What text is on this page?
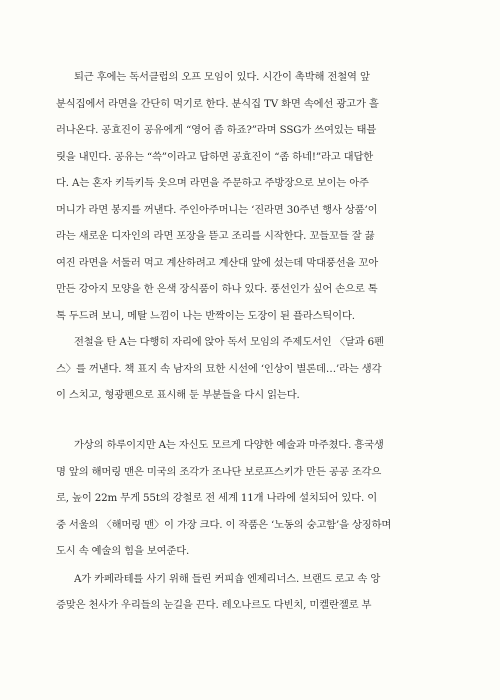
퇴근 후에는 독서클럽의 오프 모임이 있다. 시간이 촉박해 전철역 앞
분식집에서 라면을 간단히 먹기로 한다. 분식집 TV 화면 속에선 광고가 흘
러나온다. 공효진이 공유에게 “영어 좀 하죠?”라며 SSG가 쓰여있는 태블
릿을 내민다. 공유는 “쓱”이라고 답하면 공효진이 “좀 하네!”라고 대답한
다. A는 혼자 키득키득 웃으며 라면을 주문하고 주방장으로 보이는 아주
머니가 라면 봉지를 꺼낸다. 주인아주머니는 ‘진라면 30주년 행사 상품’이
라는 새로운 디자인의 라면 포장을 뜯고 조리를 시작한다. 꼬들꼬들 잘 끓
여진 라면을 서둘러 먹고 계산하려고 계산대 앞에 섰는데 막대풍선을 꼬아
만든 강아지 모양을 한 은색 장식품이 하나 있다. 풍선인가 싶어 손으로 톡
톡 두드려 보니, 메탈 느낌이 나는 반짝이는 도장이 된 플라스틱이다.
전철을 탄 A는 다행히 자리에 앉아 독서 모임의 주제도서인 〈달과 6펜
스〉를 꺼낸다. 책 표지 속 남자의 묘한 시선에 ‘인상이 별론데…’라는 생각
이 스치고, 형광펜으로 표시해 둔 부분들을 다시 읽는다.
가상의 하루이지만 A는 자신도 모르게 다양한 예술과 마주쳤다. 흥국생
명 앞의 해머링 맨은 미국의 조각가 조나단 보로프스키가 만든 공공 조각으
로, 높이 22m 무게 55t의 강철로 전 세계 11개 나라에 설치되어 있다. 이
중 서울의 〈해머링 맨〉이 가장 크다. 이 작품은 ‘노동의 숭고함’을 상징하며
도시 속 예술의 힘을 보여준다.
A가 카페라테를 사기 위해 들린 커피숍 엔제리너스. 브랜드 로고 속 앙
증맞은 천사가 우리들의 눈길을 끈다. 레오나르도 다빈치, 미켈란젤로 부
